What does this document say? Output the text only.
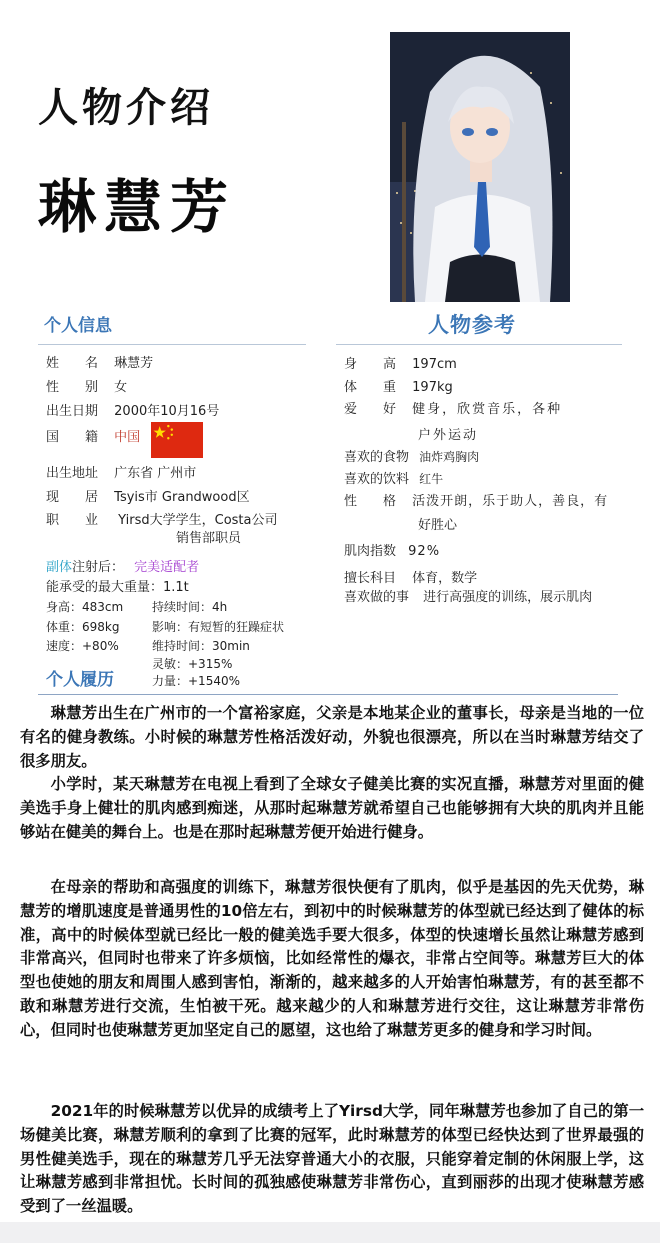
人物介绍
琳慧芳
个人信息	人物参考
姓　　名 琳慧芳
性　　别 女
出生日期 2000年10月16号
国　　籍 中国
出生地址 广东省 广州市
现　　居 Tsyis市 Grandwood区
职　　业 Yirsd大学学生，Costa公司
销售部职员
副体注射后： 完美适配者
能承受的最大重量：1.1t
身高：483cm 持续时间：4h
体重：698kg	影响：有短暂的狂躁症状
速度：+80%	维持时间：30min
灵敏：+315%
力量：+1540%
个人履历
身　　高 197cm
体　　重 197kg
爱　　好 健身，欣赏音乐，各种
户外运动
喜欢的食物 油炸鸡胸肉
喜欢的饮料 红牛
性　　格 活泼开朗，乐于助人，善良，有
好胜心
肌肉指数 92%
擅长科目 体育，数学
喜欢做的事 进行高强度的训练，展示肌肉

琳慧芳出生在广州市的一个富裕家庭，父亲是本地某企业的董事长，母亲是当地的一位有名的健身教练。小时候的琳慧芳性格活泼好动，外貌也很漂亮，所以在当时琳慧芳结交了很多朋友。

小学时，某天琳慧芳在电视上看到了全球女子健美比赛的实况直播，琳慧芳对里面的健美选手身上健壮的肌肉感到痴迷，从那时起琳慧芳就希望自己也能够拥有大块的肌肉并且能够站在健美的舞台上。也是在那时起琳慧芳便开始进行健身。

在母亲的帮助和高强度的训练下，琳慧芳很快便有了肌肉，似乎是基因的先天优势，琳慧芳的增肌速度是普通男性的10倍左右，到初中的时候琳慧芳的体型就已经达到了健体的标准，高中的时候体型就已经比一般的健美选手要大很多，体型的快速增长虽然让琳慧芳感到非常高兴，但同时也带来了许多烦恼，比如经常性的爆衣，非常占空间等。琳慧芳巨大的体型也使她的朋友和周围人感到害怕，渐渐的，越来越多的人开始害怕琳慧芳，有的甚至都不敢和琳慧芳进行交流，生怕被干死。越来越少的人和琳慧芳进行交往，这让琳慧芳非常伤心，但同时也使琳慧芳更加坚定自己的愿望，这也给了琳慧芳更多的健身和学习时间。

2021年的时候琳慧芳以优异的成绩考上了Yirsd大学，同年琳慧芳也参加了自己的第一场健美比赛，琳慧芳顺利的拿到了比赛的冠军，此时琳慧芳的体型已经快达到了世界最强的男性健美选手，现在的琳慧芳几乎无法穿普通大小的衣服，只能穿着定制的休闲服上学，这让琳慧芳感到非常担忧。长时间的孤独感使琳慧芳非常伤心，直到丽莎的出现才使琳慧芳感受到了一丝温暖。
